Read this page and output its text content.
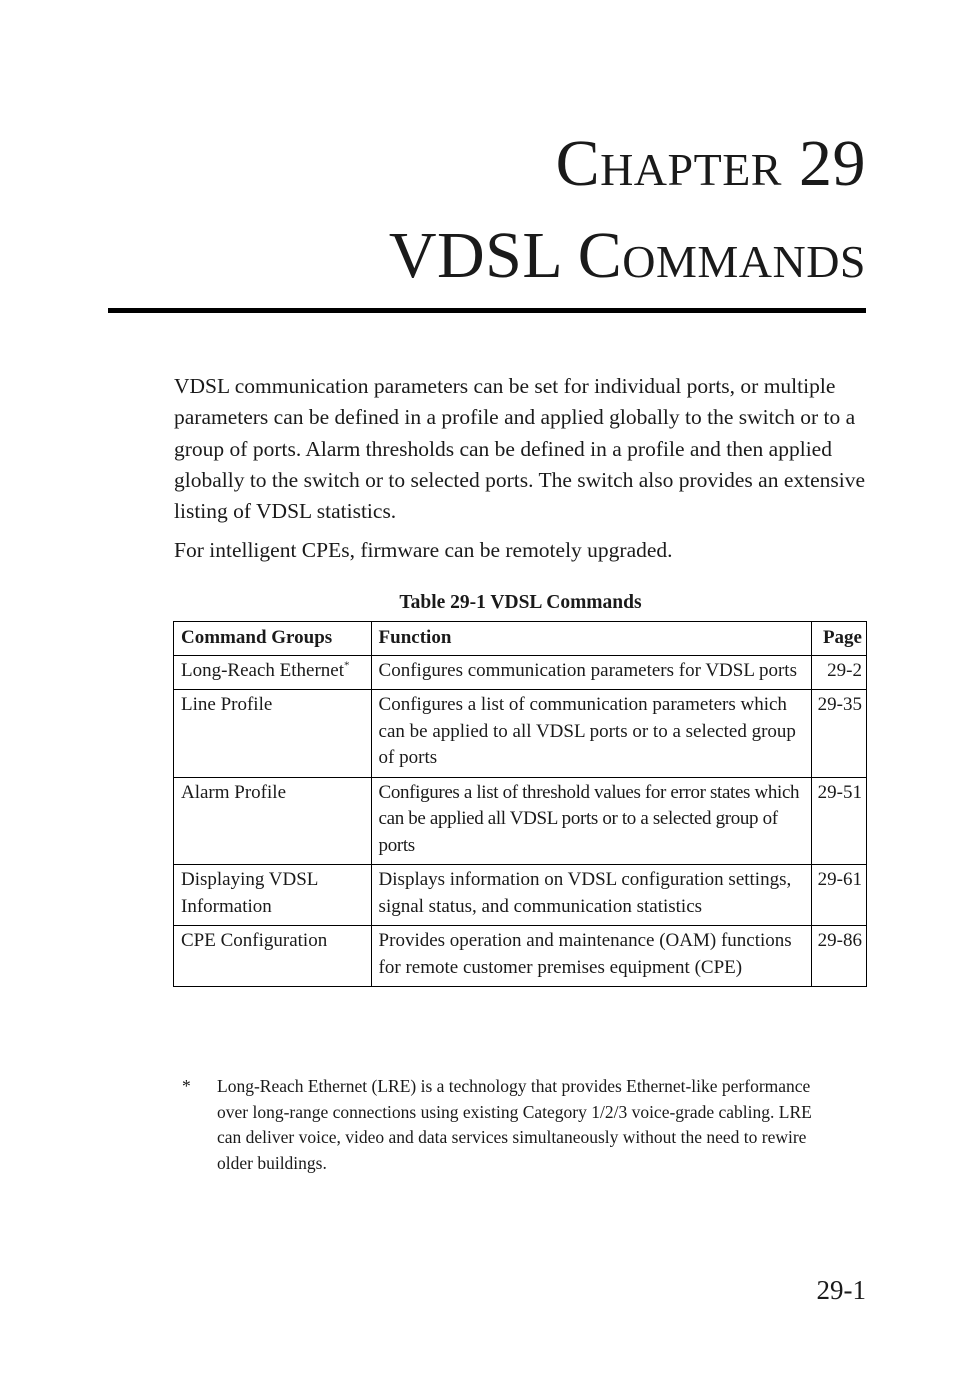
Chapter 29
VDSL Commands

VDSL communication parameters can be set for individual ports, or multiple parameters can be defined in a profile and applied globally to the switch or to a group of ports. Alarm thresholds can be defined in a profile and then applied globally to the switch or to selected ports. The switch also provides an extensive listing of VDSL statistics.

For intelligent CPEs, firmware can be remotely upgraded.

Table 29-1 VDSL Commands
Command Groups	Function	Page
Long-Reach Ethernet*	Configures communication parameters for VDSL ports	29-2
Line Profile	Configures a list of communication parameters which can be applied to all VDSL ports or to a selected group of ports	29-35
Alarm Profile	Configures a list of threshold values for error states which can be applied all VDSL ports or to a selected group of ports	29-51
Displaying VDSL Information	Displays information on VDSL configuration settings, signal status, and communication statistics	29-61
CPE Configuration	Provides operation and maintenance (OAM) functions for remote customer premises equipment (CPE)	29-86
* Long-Reach Ethernet (LRE) is a technology that provides Ethernet-like performance over long-range connections using existing Category 1/2/3 voice-grade cabling. LRE can deliver voice, video and data services simultaneously without the need to rewire older buildings.
29-1
